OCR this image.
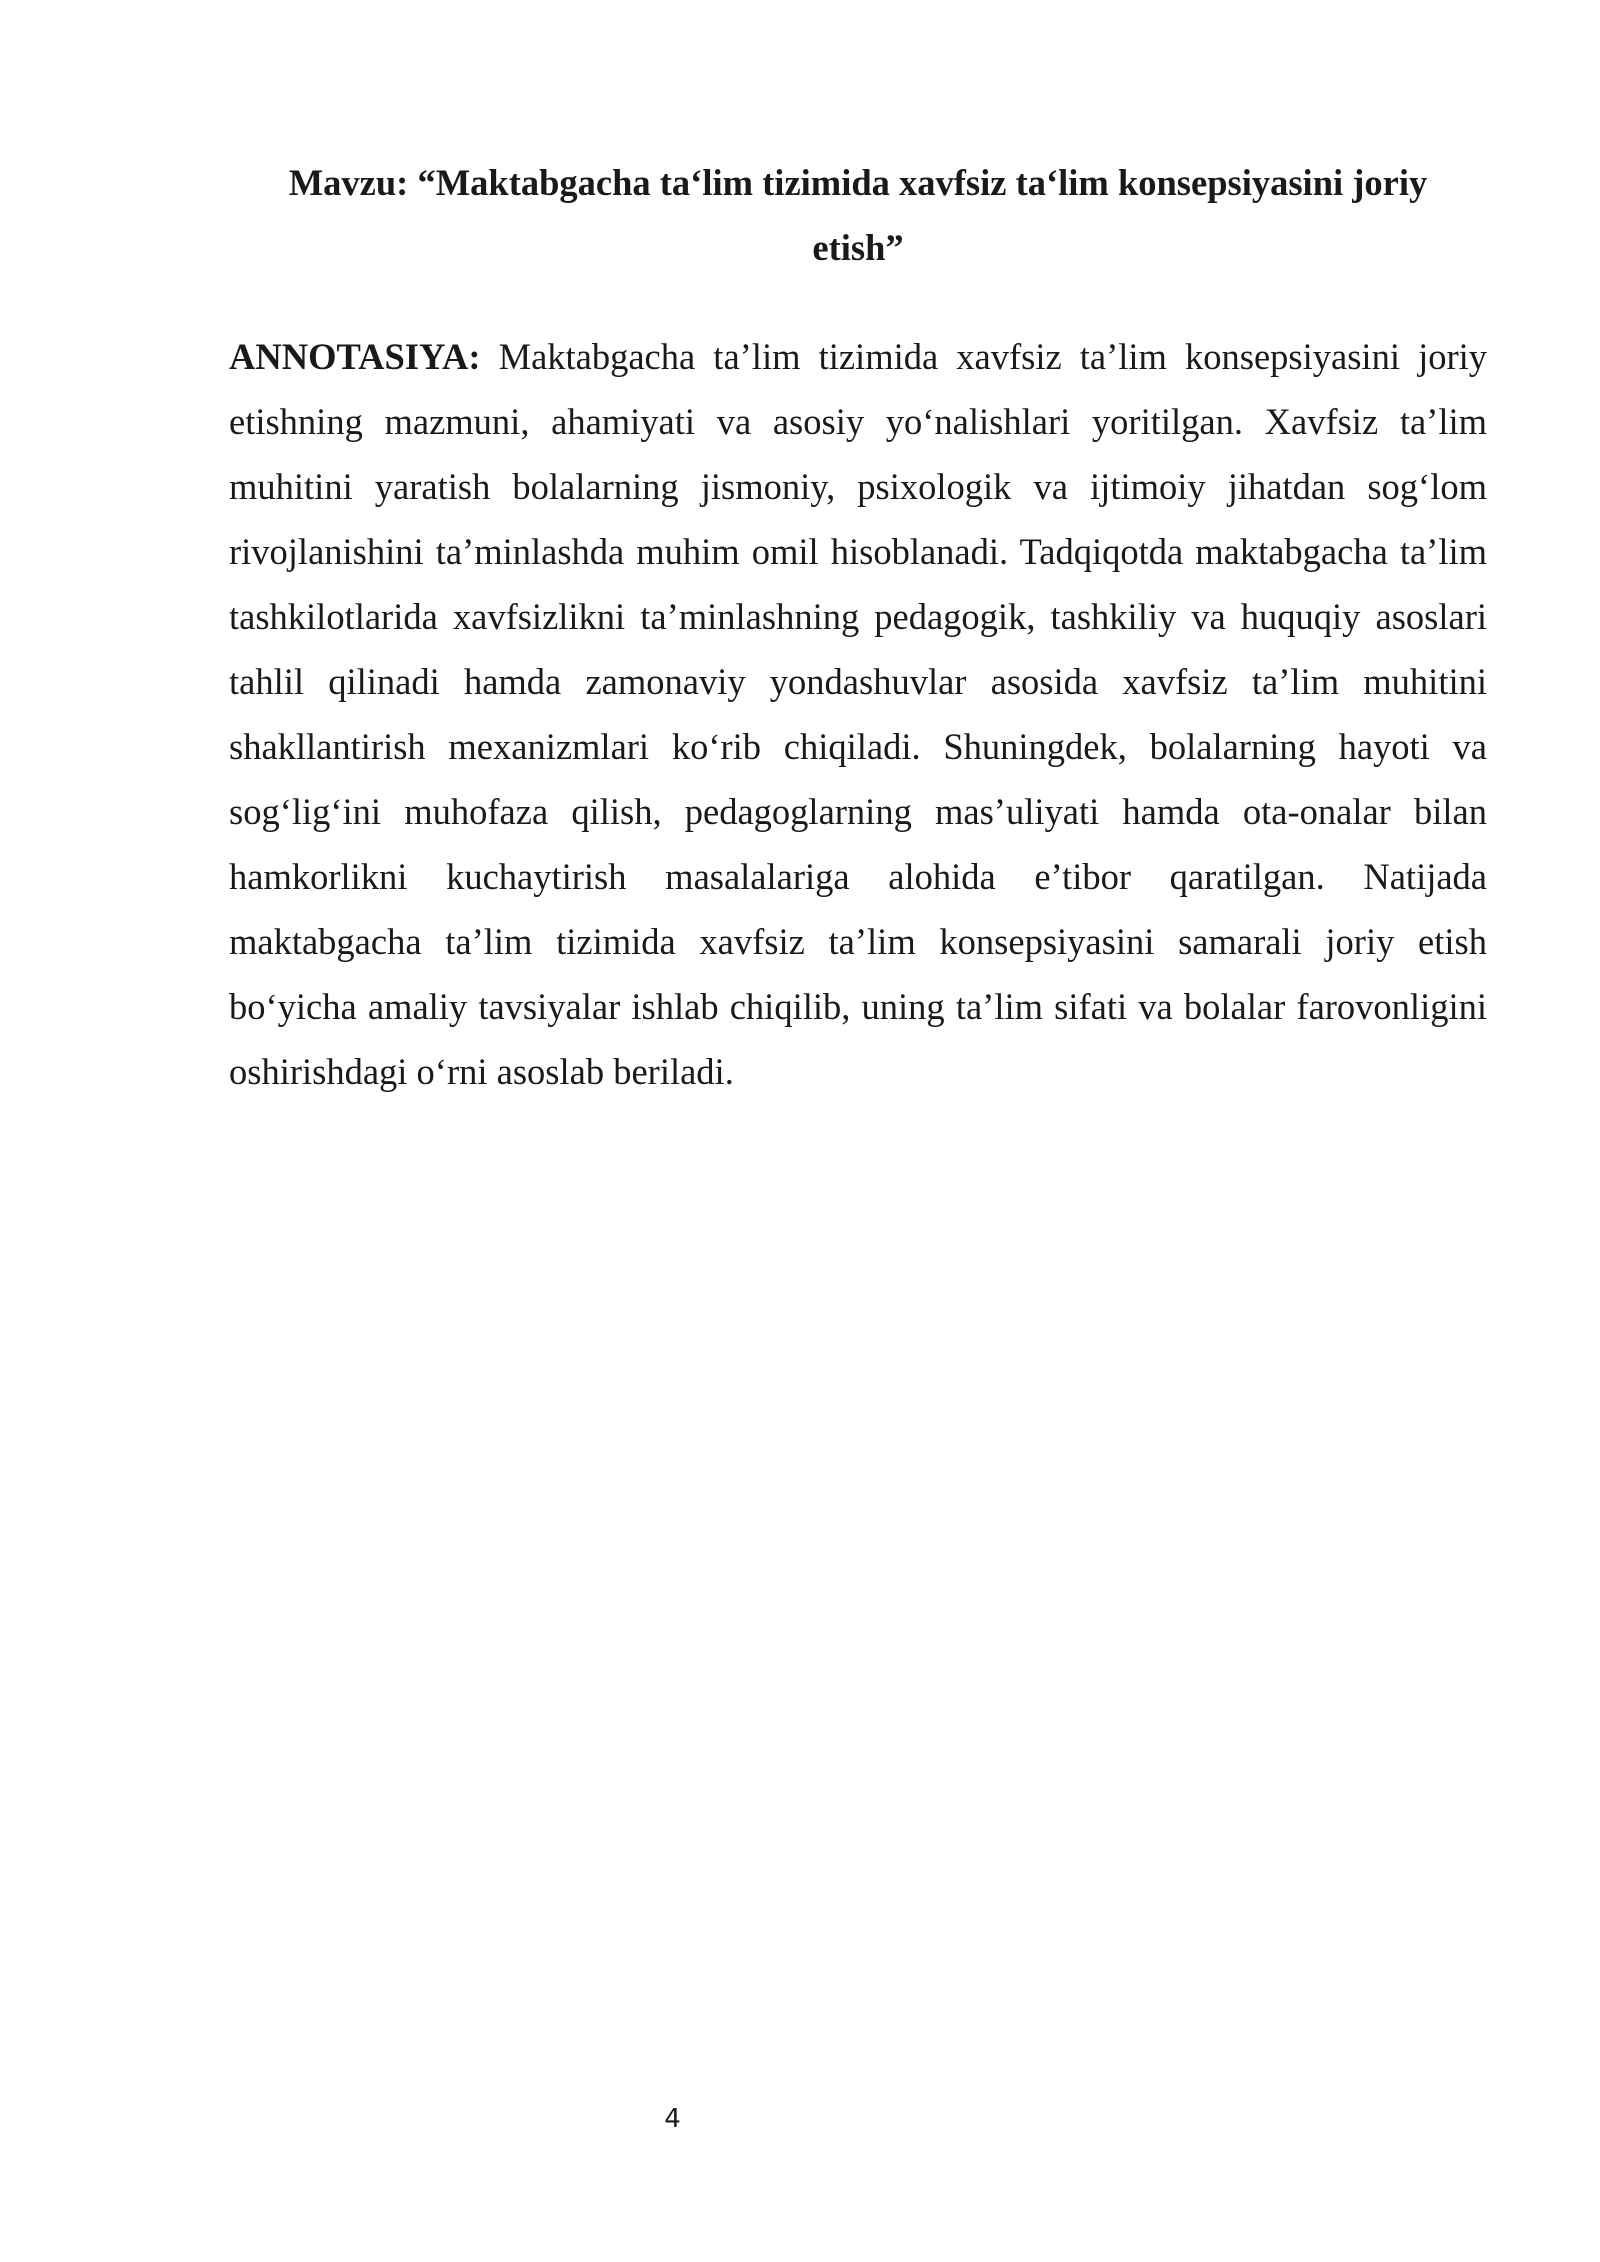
Mavzu: “Maktabgacha ta‘lim tizimida xavfsiz ta‘lim konsepsiyasini joriy etish”

ANNOTASIYA: Maktabgacha ta’lim tizimida xavfsiz ta’lim konsepsiyasini joriy etishning mazmuni, ahamiyati va asosiy yo‘nalishlari yoritilgan. Xavfsiz ta’lim muhitini yaratish bolalarning jismoniy, psixologik va ijtimoiy jihatdan sog‘lom rivojlanishini ta’minlashda muhim omil hisoblanadi. Tadqiqotda maktabgacha ta’lim tashkilotlarida xavfsizlikni ta’minlashning pedagogik, tashkiliy va huquqiy asoslari tahlil qilinadi hamda zamonaviy yondashuvlar asosida xavfsiz ta’lim muhitini shakllantirish mexanizmlari ko‘rib chiqiladi. Shuningdek, bolalarning hayoti va sog‘lig‘ini muhofaza qilish, pedagoglarning mas’uliyati hamda ota-onalar bilan hamkorlikni kuchaytirish masalalariga alohida e’tibor qaratilgan. Natijada maktabgacha ta’lim tizimida xavfsiz ta’lim konsepsiyasini samarali joriy etish bo‘yicha amaliy tavsiyalar ishlab chiqilib, uning ta’lim sifati va bolalar farovonligini oshirishdagi o‘rni asoslab beriladi.

4
